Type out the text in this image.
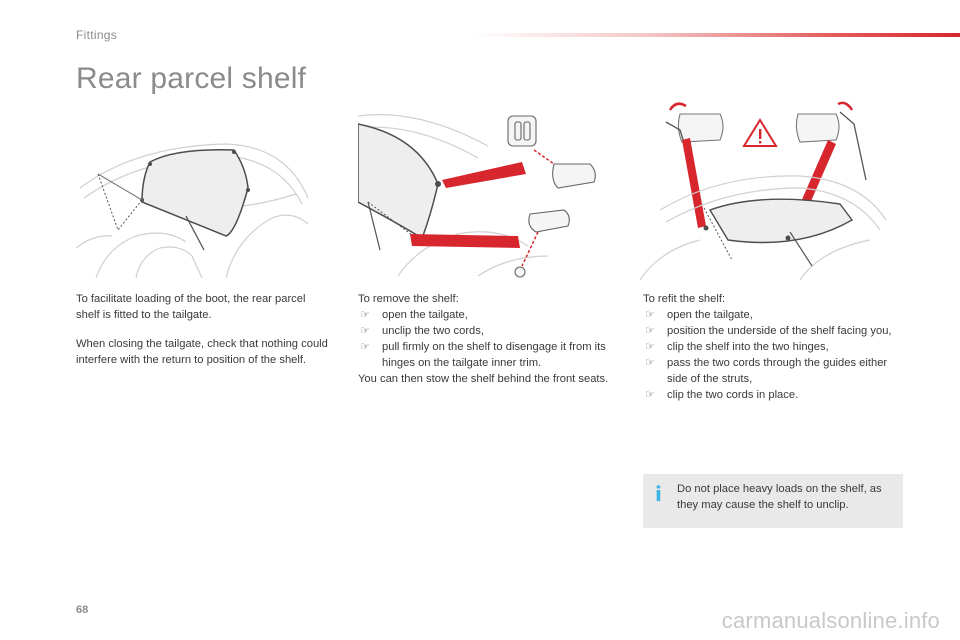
Fittings
Rear parcel shelf

To facilitate loading of the boot, the rear parcel shelf is fitted to the tailgate.

When closing the tailgate, check that nothing could interfere with the return to position of the shelf.

To remove the shelf:

☞ open the tailgate,
☞ unclip the two cords,
☞ pull firmly on the shelf to disengage it from its hinges on the tailgate inner trim.

You can then stow the shelf behind the front seats.

To refit the shelf:

☞ open the tailgate,
☞ position the underside of the shelf facing you,
☞ clip the shelf into the two hinges,
☞ pass the two cords through the guides either side of the struts,
☞ clip the two cords in place.
i Do not place heavy loads on the shelf, as they may cause the shelf to unclip.
68	carmanualsonline.info
